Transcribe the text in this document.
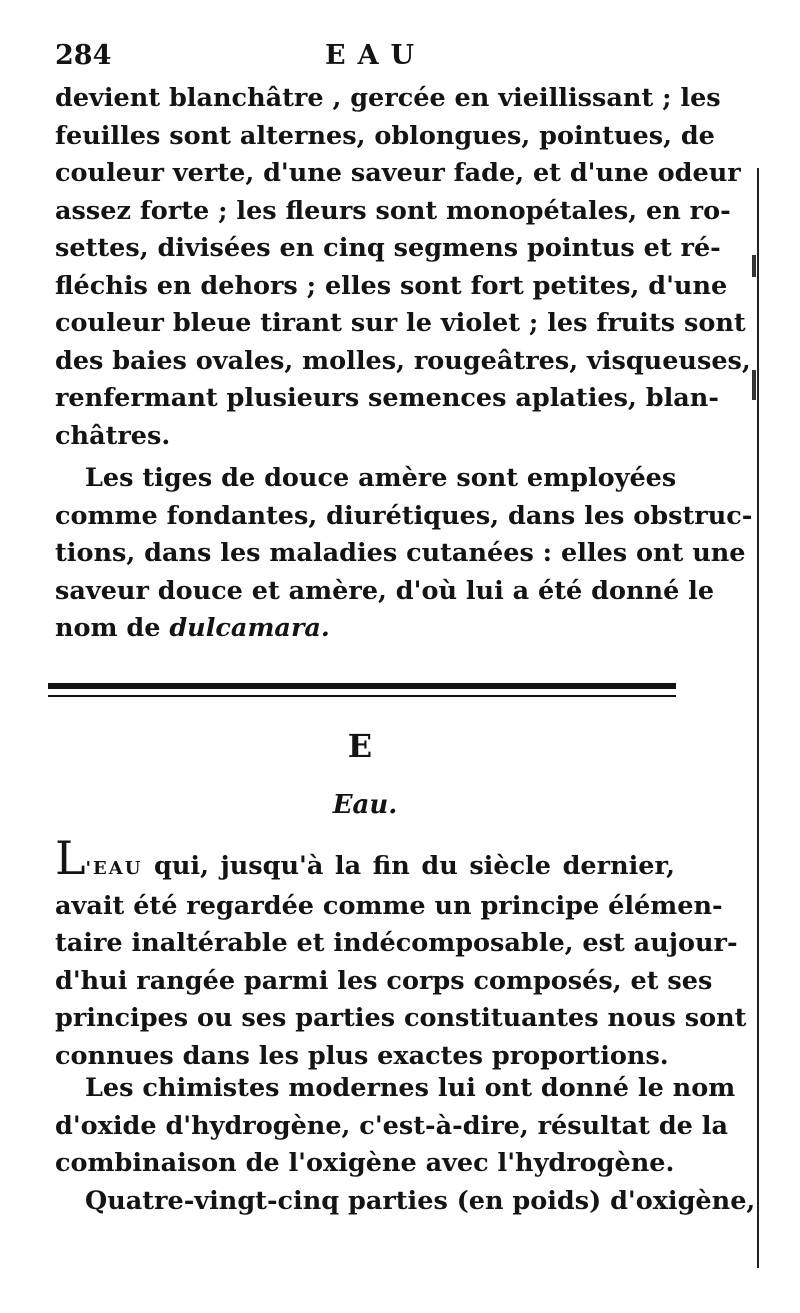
284	EAU
devient blanchâtre , gercée en vieillissant ; les
feuilles sont alternes, oblongues, pointues, de
couleur verte, d'une saveur fade, et d'une odeur
assez forte ; les fleurs sont monopétales, en ro-
settes, divisées en cinq segmens pointus et ré-
fléchis en dehors ; elles sont fort petites, d'une
couleur bleue tirant sur le violet ; les fruits sont
des baies ovales, molles, rougeâtres, visqueuses,
renfermant plusieurs semences aplaties, blan-
châtres.
Les tiges de douce amère sont employées
comme fondantes, diurétiques, dans les obstruc-
tions, dans les maladies cutanées : elles ont une
saveur douce et amère, d'où lui a été donné le
nom de dulcamara.
E
Eau.
L'EAU qui, jusqu'à la fin du siècle dernier,
avait été regardée comme un principe élémen-
taire inaltérable et indécomposable, est aujour-
d'hui rangée parmi les corps composés, et ses
principes ou ses parties constituantes nous sont
connues dans les plus exactes proportions.
Les chimistes modernes lui ont donné le nom
d'oxide d'hydrogène, c'est-à-dire, résultat de la
combinaison de l'oxigène avec l'hydrogène.
Quatre-vingt-cinq parties (en poids) d'oxigène,
